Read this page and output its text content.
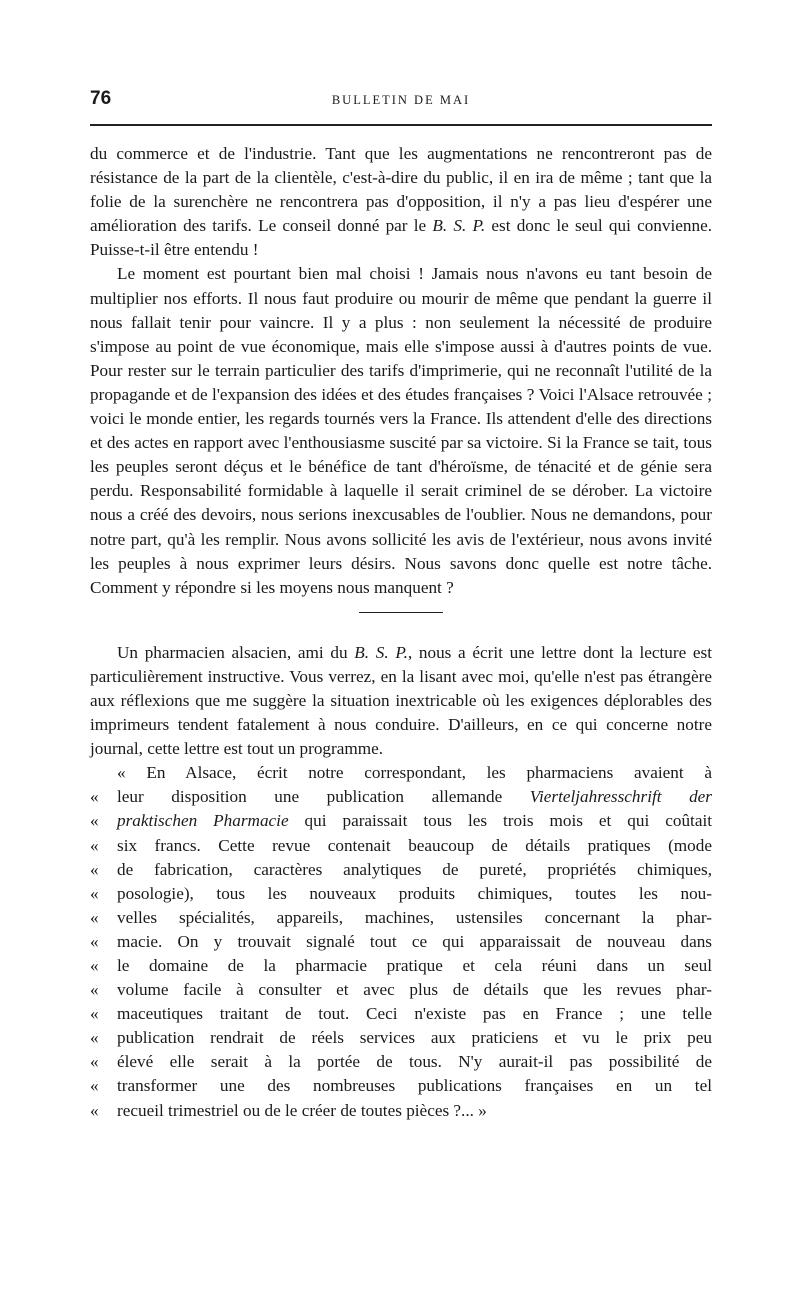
76	BULLETIN DE MAI

du commerce et de l'industrie. Tant que les augmentations ne rencontreront pas de résistance de la part de la clientèle, c'est-à-dire du public, il en ira de même ; tant que la folie de la surenchère ne rencontrera pas d'opposition, il n'y a pas lieu d'espérer une amélioration des tarifs. Le conseil donné par le B. S. P. est donc le seul qui convienne. Puisse-t-il être entendu !

Le moment est pourtant bien mal choisi ! Jamais nous n'avons eu tant besoin de multiplier nos efforts. Il nous faut produire ou mourir de même que pendant la guerre il nous fallait tenir pour vaincre. Il y a plus : non seulement la nécessité de produire s'impose au point de vue économique, mais elle s'impose aussi à d'autres points de vue. Pour rester sur le terrain particulier des tarifs d'imprimerie, qui ne reconnaît l'utilité de la propagande et de l'expansion des idées et des études françaises ? Voici l'Alsace retrouvée ; voici le monde entier, les regards tournés vers la France. Ils attendent d'elle des directions et des actes en rapport avec l'enthousiasme suscité par sa victoire. Si la France se tait, tous les peuples seront déçus et le bénéfice de tant d'héroïsme, de ténacité et de génie sera perdu. Responsabilité formidable à laquelle il serait criminel de se dérober. La victoire nous a créé des devoirs, nous serions inexcusables de l'oublier. Nous ne demandons, pour notre part, qu'à les remplir. Nous avons sollicité les avis de l'extérieur, nous avons invité les peuples à nous exprimer leurs désirs. Nous savons donc quelle est notre tâche. Comment y répondre si les moyens nous manquent ?

Un pharmacien alsacien, ami du B. S. P., nous a écrit une lettre dont la lecture est particulièrement instructive. Vous verrez, en la lisant avec moi, qu'elle n'est pas étrangère aux réflexions que me suggère la situation inextricable où les exigences déplorables des imprimeurs tendent fatalement à nous conduire. D'ailleurs, en ce qui concerne notre journal, cette lettre est tout un programme.

« En Alsace, écrit notre correspondant, les pharmaciens avaient à

«	leur disposition une publication allemande Vierteljahresschrift der
«	praktischen Pharmacie qui paraissait tous les trois mois et qui coûtait
«	six francs. Cette revue contenait beaucoup de détails pratiques (mode
«	de fabrication, caractères analytiques de pureté, propriétés chimiques,
«	posologie), tous les nouveaux produits chimiques, toutes les nou-
«	velles spécialités, appareils, machines, ustensiles concernant la phar-
«	macie. On y trouvait signalé tout ce qui apparaissait de nouveau dans
«	le domaine de la pharmacie pratique et cela réuni dans un seul
«	volume facile à consulter et avec plus de détails que les revues phar-
«	maceutiques traitant de tout. Ceci n'existe pas en France ; une telle
«	publication rendrait de réels services aux praticiens et vu le prix peu
«	élevé elle serait à la portée de tous. N'y aurait-il pas possibilité de
«	transformer une des nombreuses publications françaises en un tel
«	recueil trimestriel ou de le créer de toutes pièces ?... »
